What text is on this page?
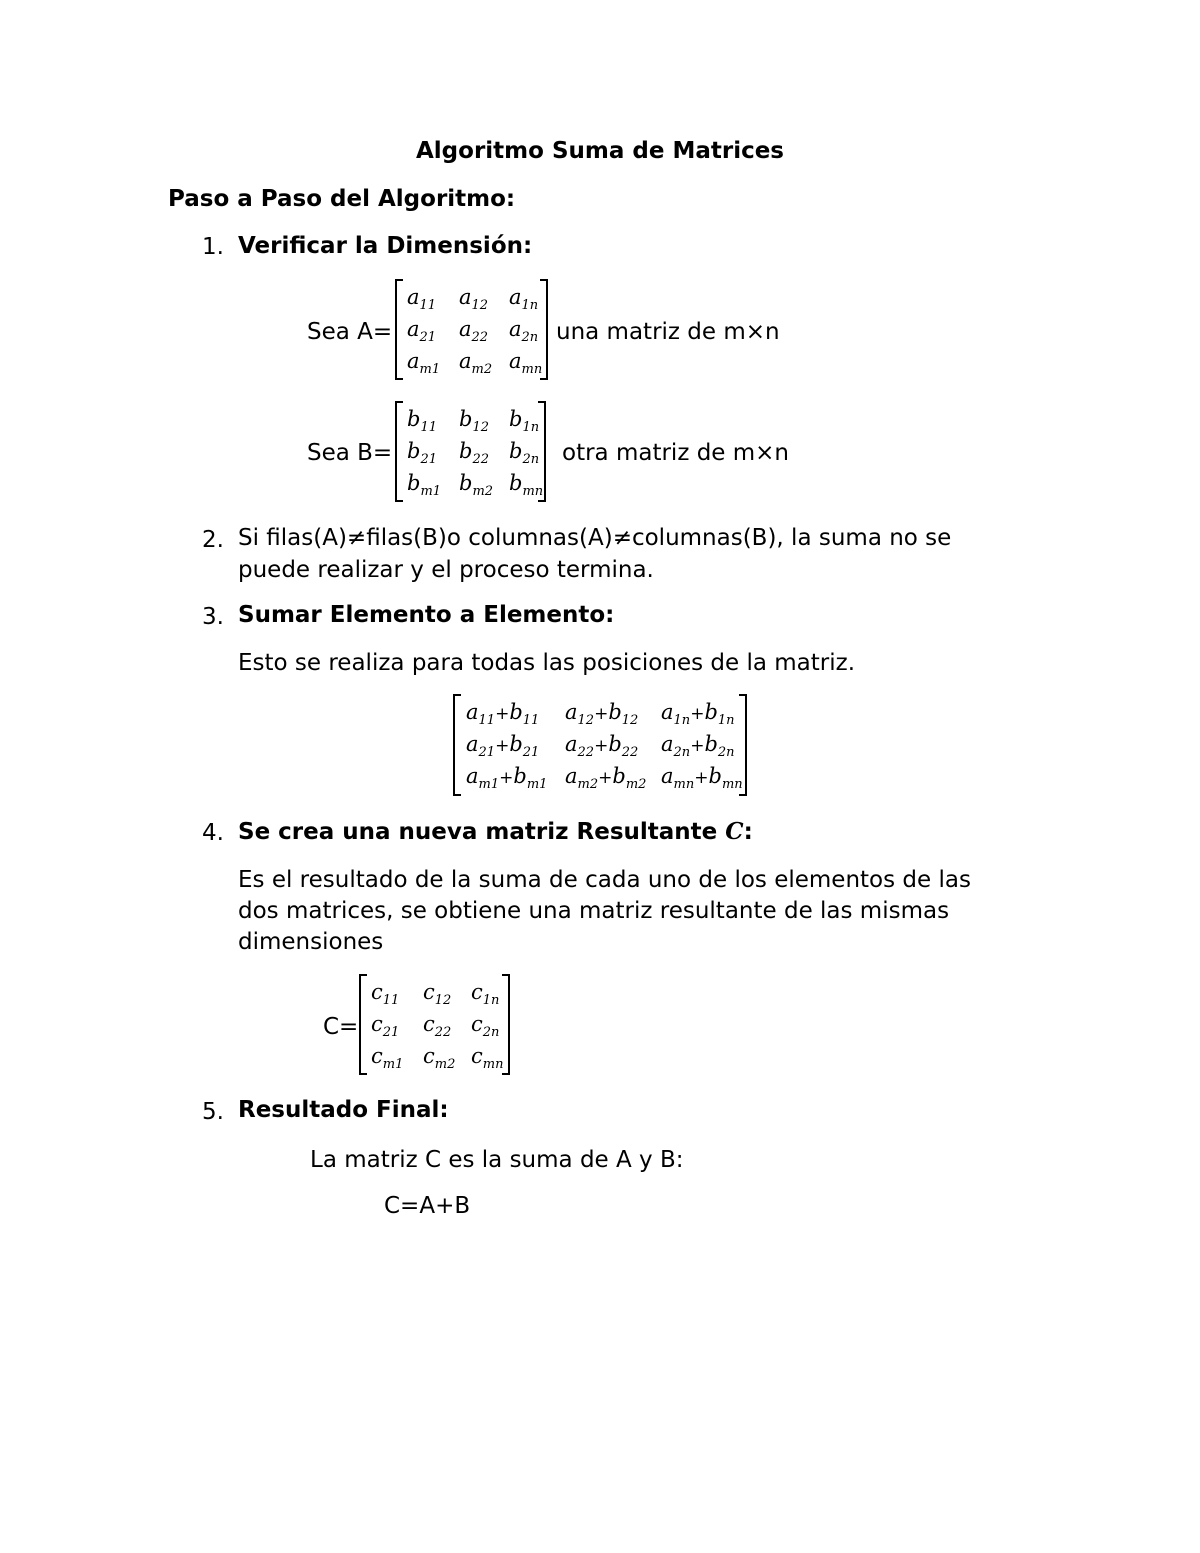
Algoritmo Suma de Matrices
Paso a Paso del Algoritmo:
1. Verificar la Dimensión:
Sea A=
$a_{11}$ $a_{12}$ $a_{1n}$
$a_{21}$ $a_{22}$ $a_{2n}$
$a_{m1}$ $a_{m2}$ $a_{mn}$
una matriz de m×n
Sea B=
$b_{11}$ $b_{12}$ $b_{1n}$
$b_{21}$ $b_{22}$ $b_{2n}$
$b_{m1}$ $b_{m2}$ $b_{mn}$
otra matriz de m×n
2. Si filas(A)≠filas(B)o columnas(A)≠columnas(B), la suma no se
puede realizar y el proceso termina.
3. Sumar Elemento a Elemento:
Esto se realiza para todas las posiciones de la matriz.
$a_{11}+b_{11}$ $a_{12}+b_{12}$ $a_{1n}+b_{1n}$
$a_{21}+b_{21}$ $a_{22}+b_{22}$ $a_{2n}+b_{2n}$
$a_{m1}+b_{m1}$ $a_{m2}+b_{m2}$ $a_{mn}+b_{mn}$
4. Se crea una nueva matriz Resultante C:
Es el resultado de la suma de cada uno de los elementos de las
dos matrices, se obtiene una matriz resultante de las mismas
dimensiones
C=
$c_{11}$ $c_{12}$ $c_{1n}$
$c_{21}$ $c_{22}$ $c_{2n}$
$c_{m1}$ $c_{m2}$ $c_{mn}$
5. Resultado Final:
La matriz C es la suma de A y B:
C=A+B
